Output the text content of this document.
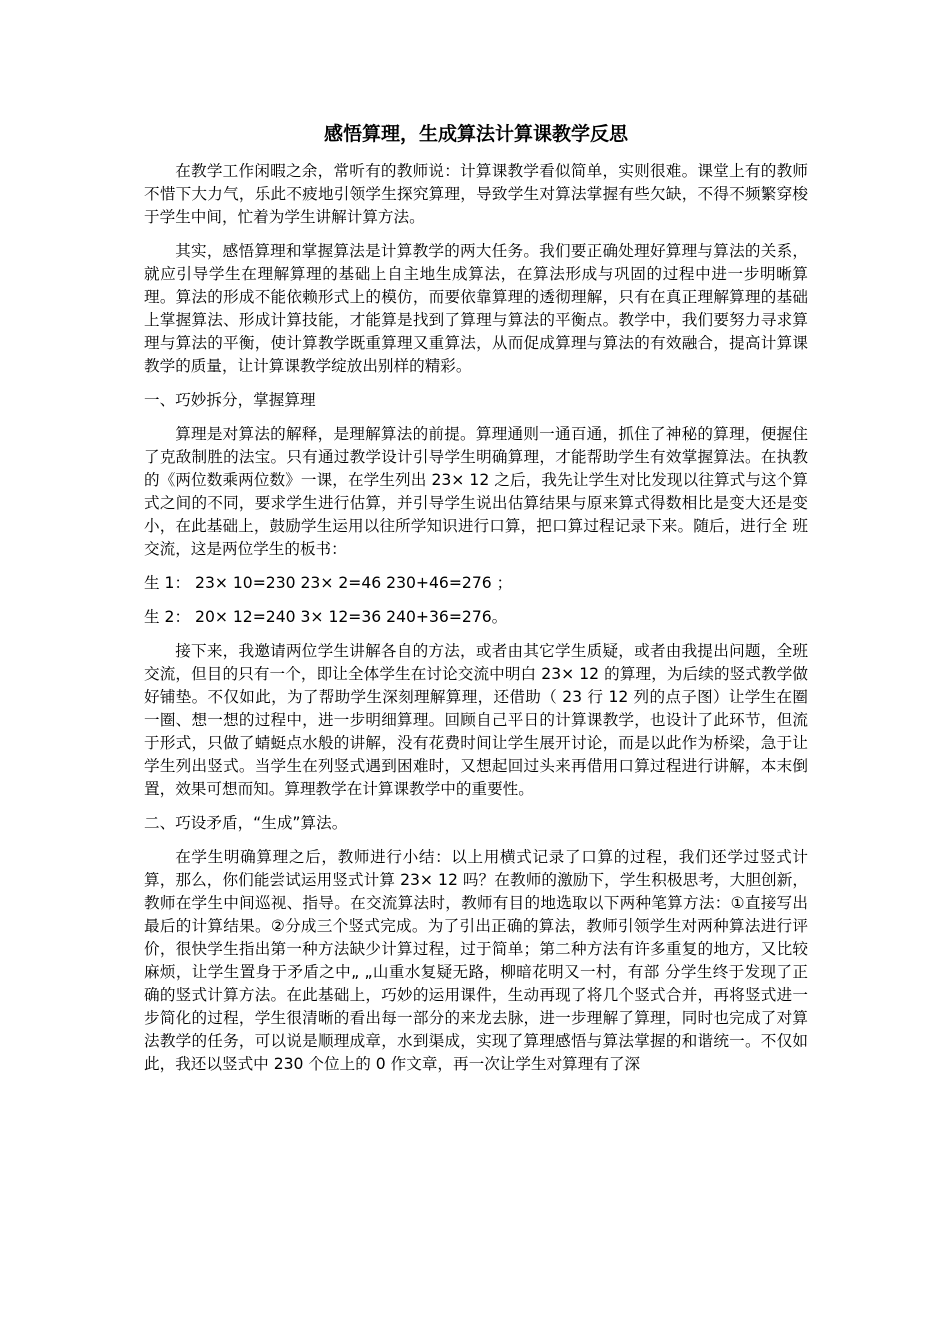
感悟算理，生成算法计算课教学反思

在教学工作闲暇之余，常听有的教师说：计算课教学看似简单，实则很难。课堂上有的教师不惜下大力气，乐此不疲地引领学生探究算理，导致学生对算法掌握有些欠缺，不得不频繁穿梭于学生中间，忙着为学生讲解计算方法。

其实，感悟算理和掌握算法是计算教学的两大任务。我们要正确处理好算理与算法的关系，就应引导学生在理解算理的基础上自主地生成算法，在算法形成与巩固的过程中进一步明晰算理。算法的形成不能依赖形式上的模仿，而要依靠算理的透彻理解，只有在真正理解算理的基础上掌握算法、形成计算技能，才能算是找到了算理与算法的平衡点。教学中，我们要努力寻求算理与算法的平衡，使计算教学既重算理又重算法，从而促成算理与算法的有效融合，提高计算课教学的质量，让计算课教学绽放出别样的精彩。

一、巧妙拆分，掌握算理

算理是对算法的解释，是理解算法的前提。算理通则一通百通，抓住了神秘的算理，便握住了克敌制胜的法宝。只有通过教学设计引导学生明确算理，才能帮助学生有效掌握算法。在执教的《两位数乘两位数》一课，在学生列出 23× 12 之后，我先让学生对比发现以往算式与这个算式之间的不同，要求学生进行估算，并引导学生说出估算结果与原来算式得数相比是变大还是变小，在此基础上，鼓励学生运用以往所学知识进行口算，把口算过程记录下来。随后，进行全 班交流，这是两位学生的板书：

生 1： 23× 10=230 23× 2=46 230+46=276 ；

生 2： 20× 12=240 3× 12=36 240+36=276。

接下来，我邀请两位学生讲解各自的方法，或者由其它学生质疑，或者由我提出问题，全班交流，但目的只有一个，即让全体学生在讨论交流中明白 23× 12 的算理，为后续的竖式教学做好铺垫。不仅如此，为了帮助学生深刻理解算理，还借助（ 23 行 12 列的点子图）让学生在圈一圈、想一想的过程中，进一步明细算理。回顾自己平日的计算课教学，也设计了此环节，但流于形式，只做了蜻蜓点水般的讲解，没有花费时间让学生展开讨论，而是以此作为桥梁，急于让学生列出竖式。当学生在列竖式遇到困难时，又想起回过头来再借用口算过程进行讲解，本末倒置，效果可想而知。算理教学在计算课教学中的重要性。

二、巧设矛盾，“生成”算法。

在学生明确算理之后，教师进行小结：以上用横式记录了口算的过程，我们还学过竖式计算，那么，你们能尝试运用竖式计算 23× 12 吗？在教师的激励下，学生积极思考，大胆创新，教师在学生中间巡视、指导。在交流算法时，教师有目的地选取以下两种笔算方法：①直接写出最后的计算结果。②分成三个竖式完成。为了引出正确的算法，教师引领学生对两种算法进行评价，很快学生指出第一种方法缺少计算过程，过于简单；第二种方法有许多重复的地方，又比较麻烦，让学生置身于矛盾之中„ „山重水复疑无路，柳暗花明又一村，有部 分学生终于发现了正确的竖式计算方法。在此基础上，巧妙的运用课件，生动再现了将几个竖式合并，再将竖式进一步简化的过程，学生很清晰的看出每一部分的来龙去脉，进一步理解了算理，同时也完成了对算法教学的任务，可以说是顺理成章，水到渠成，实现了算理感悟与算法掌握的和谐统一。不仅如此，我还以竖式中 230 个位上的 0 作文章，再一次让学生对算理有了深
